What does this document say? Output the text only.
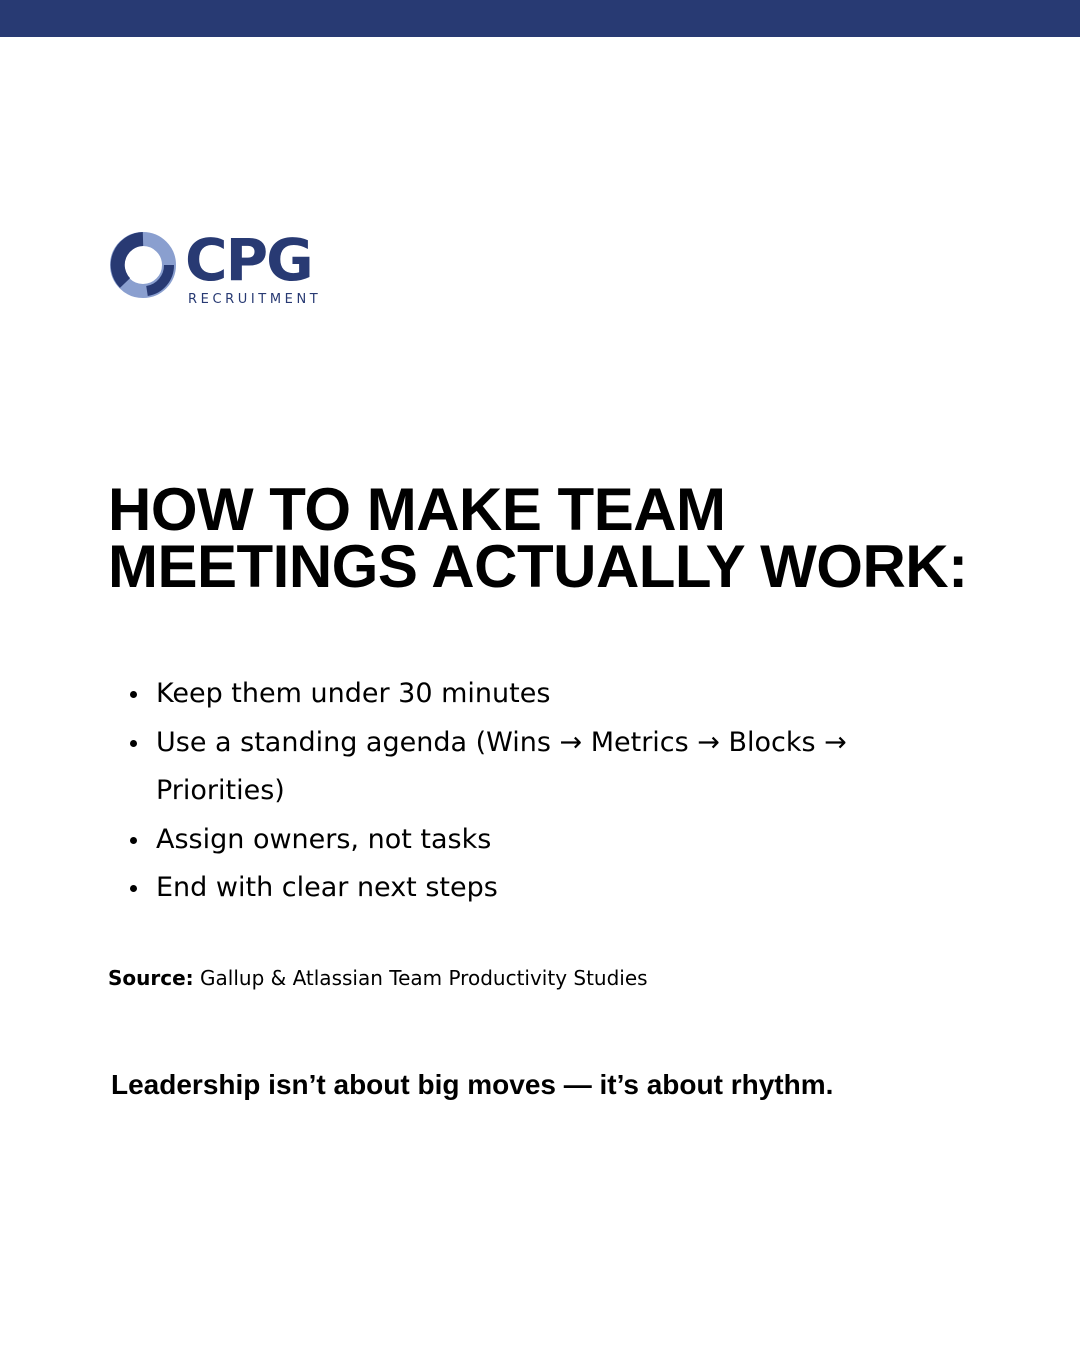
CPG
RECRUITMENT
HOW TO MAKE TEAM MEETINGS ACTUALLY WORK:
Keep them under 30 minutes
Use a standing agenda (Wins → Metrics → Blocks → Priorities)
Assign owners, not tasks
End with clear next steps
Source: Gallup & Atlassian Team Productivity Studies
Leadership isn’t about big moves — it’s about rhythm.
